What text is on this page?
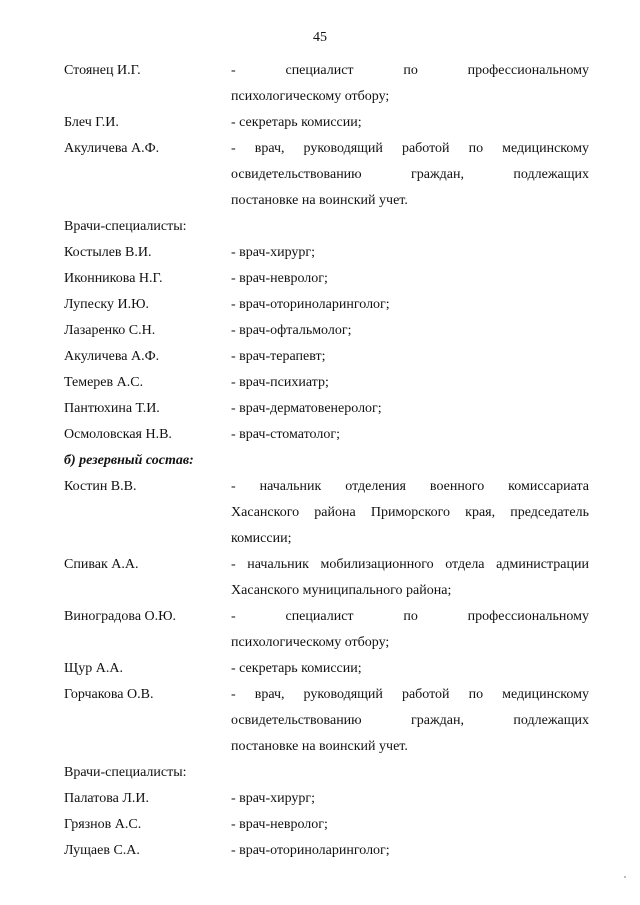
45
Стоянец И.Г.	- специалист по профессиональному
психологическому отбору;
Блеч Г.И.	- секретарь комиссии;
Акуличева А.Ф.	- врач, руководящий работой по медицинскому
освидетельствованию граждан, подлежащих
постановке на воинский учет.
Врачи-специалисты:
Костылев В.И.	- врач-хирург;
Иконникова Н.Г.	- врач-невролог;
Лупеску И.Ю.	- врач-оториноларинголог;
Лазаренко С.Н.	- врач-офтальмолог;
Акуличева А.Ф.	- врач-терапевт;
Темерев А.С.	- врач-психиатр;
Пантюхина Т.И.	- врач-дерматовенеролог;
Осмоловская Н.В.	- врач-стоматолог;
б) резервный состав:
Костин В.В.	- начальник отделения военного комиссариата
Хасанского района Приморского края, председатель
комиссии;
Спивак А.А.	- начальник мобилизационного отдела администрации
Хасанского муниципального района;
Виноградова О.Ю.	- специалист по профессиональному
психологическому отбору;
Щур А.А.	- секретарь комиссии;
Горчакова О.В.	- врач, руководящий работой по медицинскому
освидетельствованию граждан, подлежащих
постановке на воинский учет.
Врачи-специалисты:
Палатова Л.И.	- врач-хирург;
Грязнов А.С.	- врач-невролог;
Лущаев С.А.	- врач-оториноларинголог;
